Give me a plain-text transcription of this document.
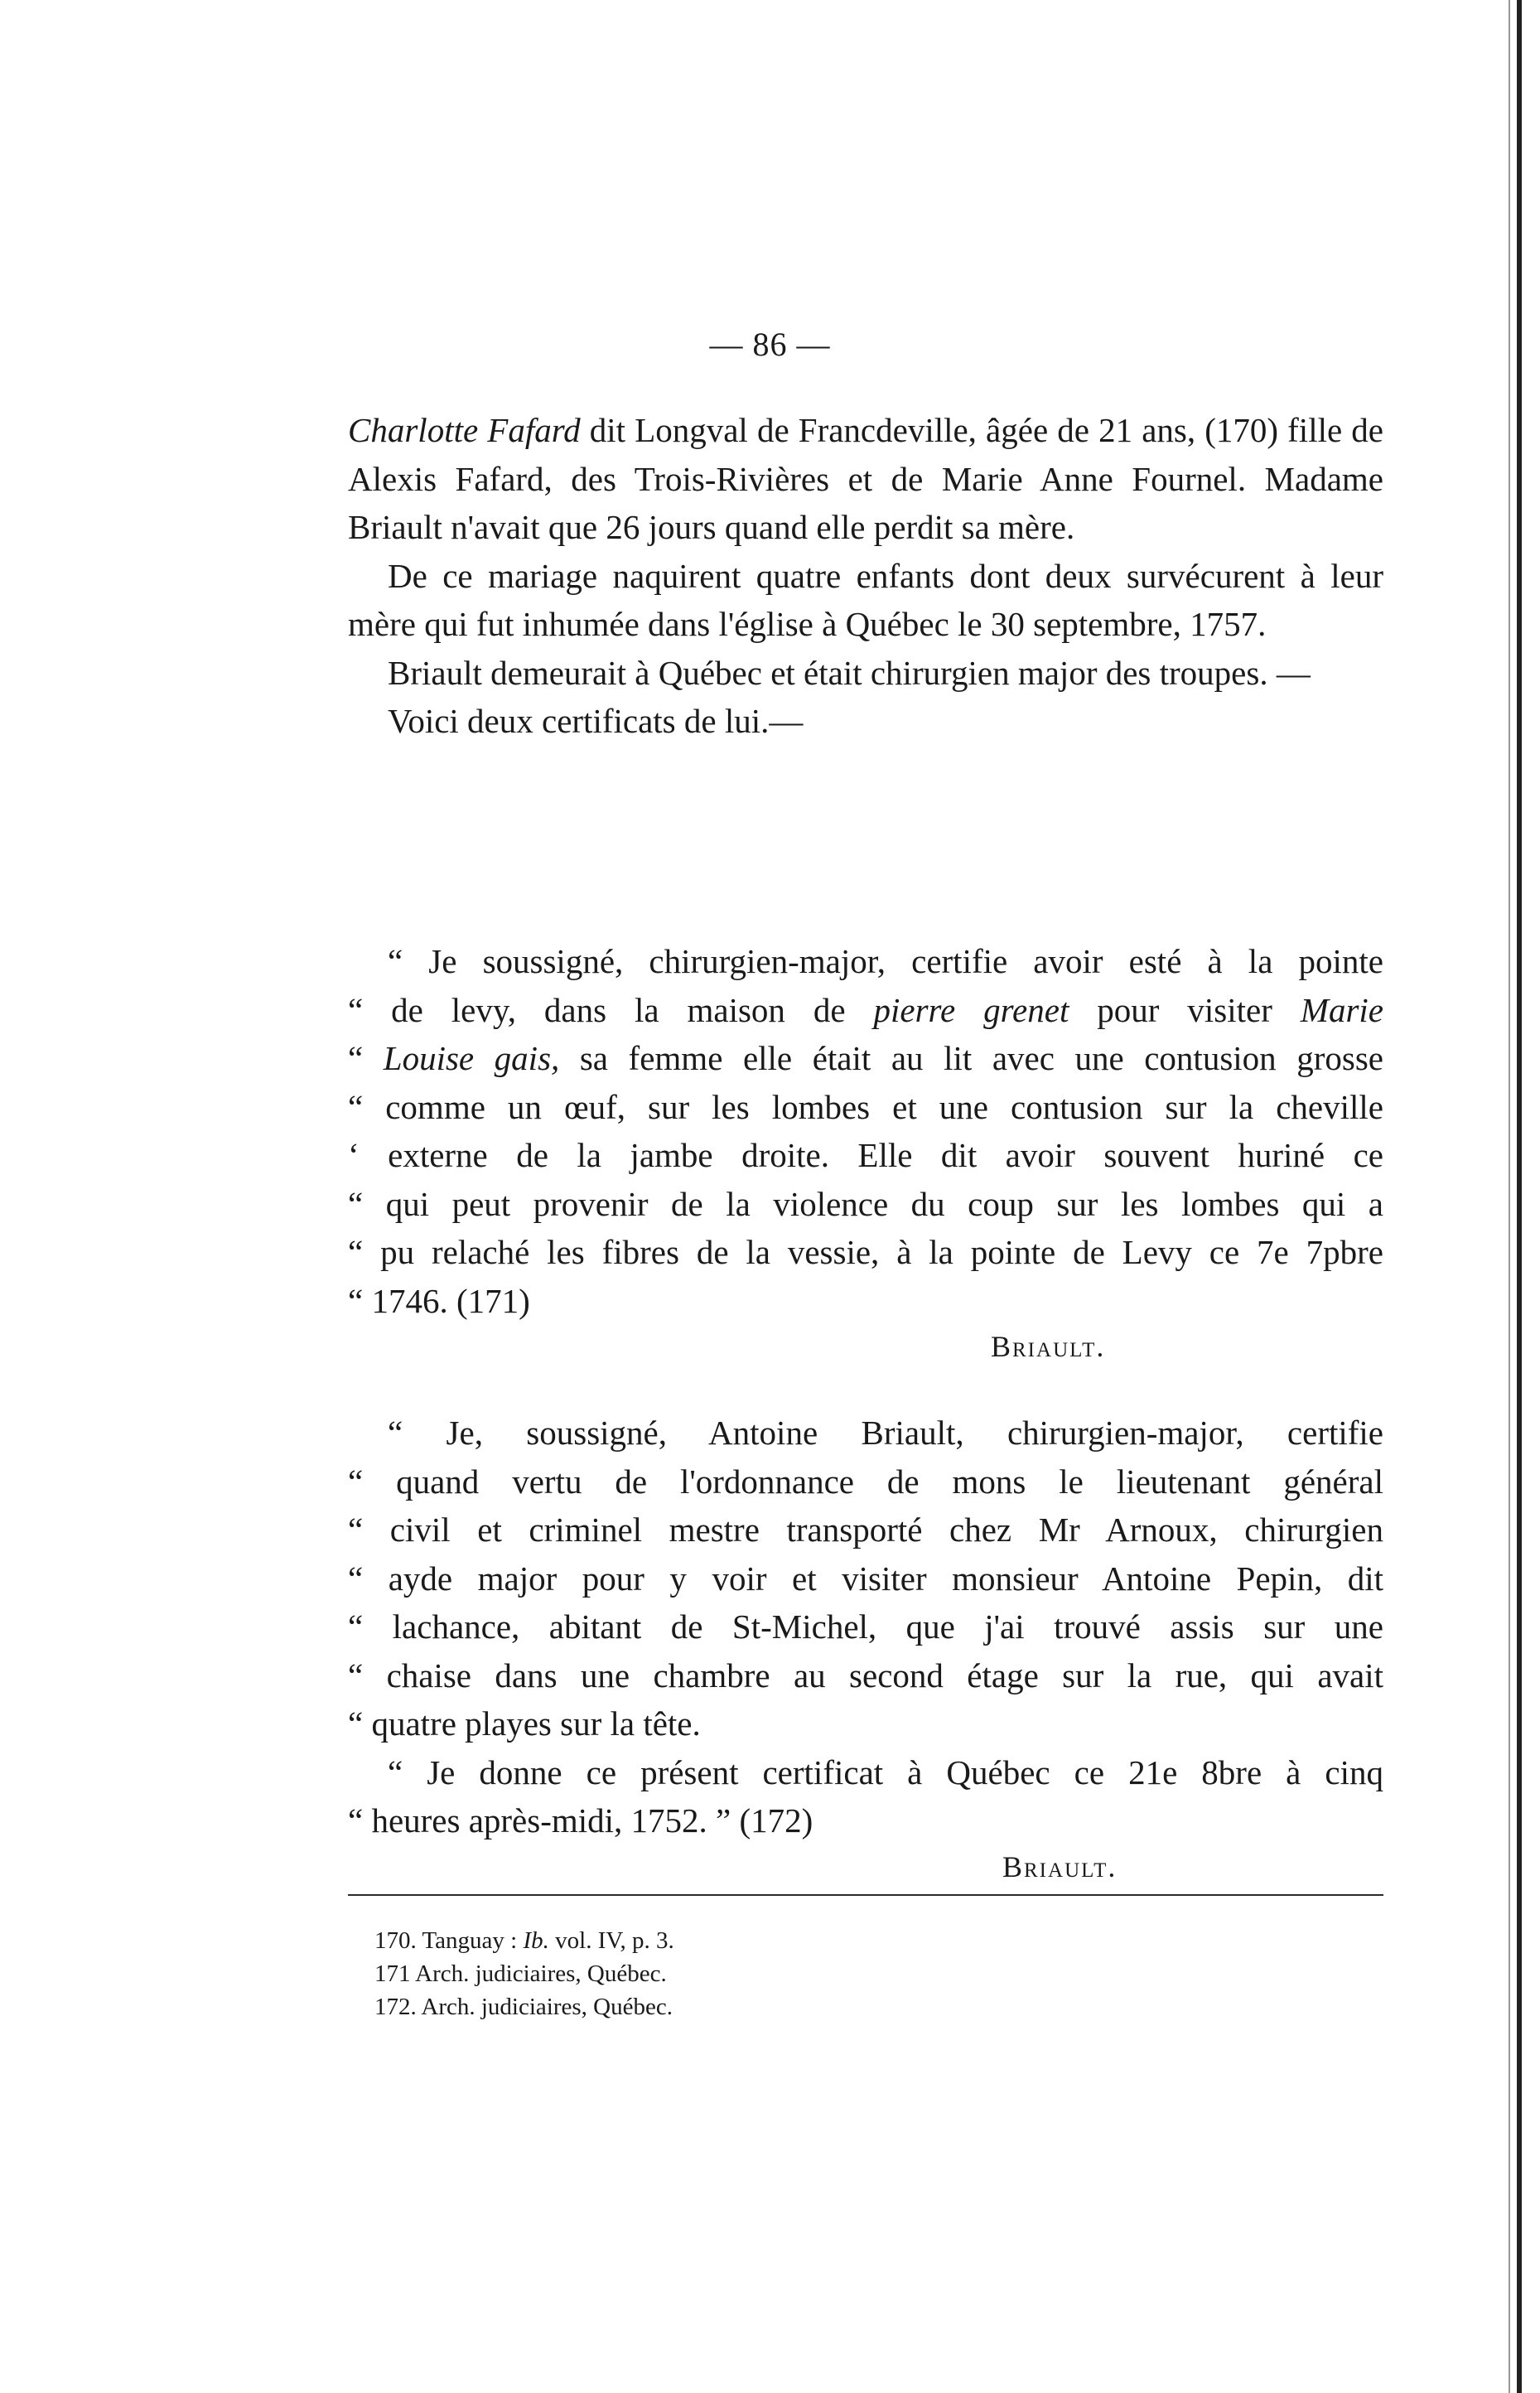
— 86 —

Charlotte Fafard dit Longval de Francdeville, âgée de 21 ans, (170) fille de Alexis Fafard, des Trois-Rivières et de Marie Anne Fournel. Madame Briault n'avait que 26 jours quand elle perdit sa mère.

De ce mariage naquirent quatre enfants dont deux survécurent à leur mère qui fut inhumée dans l'église à Québec le 30 septembre, 1757.

Briault demeurait à Québec et était chirurgien major des troupes. —

Voici deux certificats de lui.—

“ Je soussigné, chirurgien-major, certifie avoir esté à la pointe
“ de levy, dans la maison de pierre grenet pour visiter Marie
“ Louise gais, sa femme elle était au lit avec une contusion grosse
“ comme un œuf, sur les lombes et une contusion sur la cheville
‘ externe de la jambe droite. Elle dit avoir souvent huriné ce
“ qui peut provenir de la violence du coup sur les lombes qui a
“ pu relaché les fibres de la vessie, à la pointe de Levy ce 7e 7pbre
“ 1746. (171)
Briault.
“ Je, soussigné, Antoine Briault, chirurgien-major, certifie
“ quand vertu de l'ordonnance de mons le lieutenant général
“ civil et criminel mestre transporté chez Mr Arnoux, chirurgien
“ ayde major pour y voir et visiter monsieur Antoine Pepin, dit
“ lachance, abitant de St-Michel, que j'ai trouvé assis sur une
“ chaise dans une chambre au second étage sur la rue, qui avait
“ quatre playes sur la tête.
“ Je donne ce présent certificat à Québec ce 21e 8bre à cinq
“ heures après-midi, 1752. ” (172)
Briault.
170. Tanguay : Ib. vol. IV, p. 3.
171 Arch. judiciaires, Québec.
172. Arch. judiciaires, Québec.
